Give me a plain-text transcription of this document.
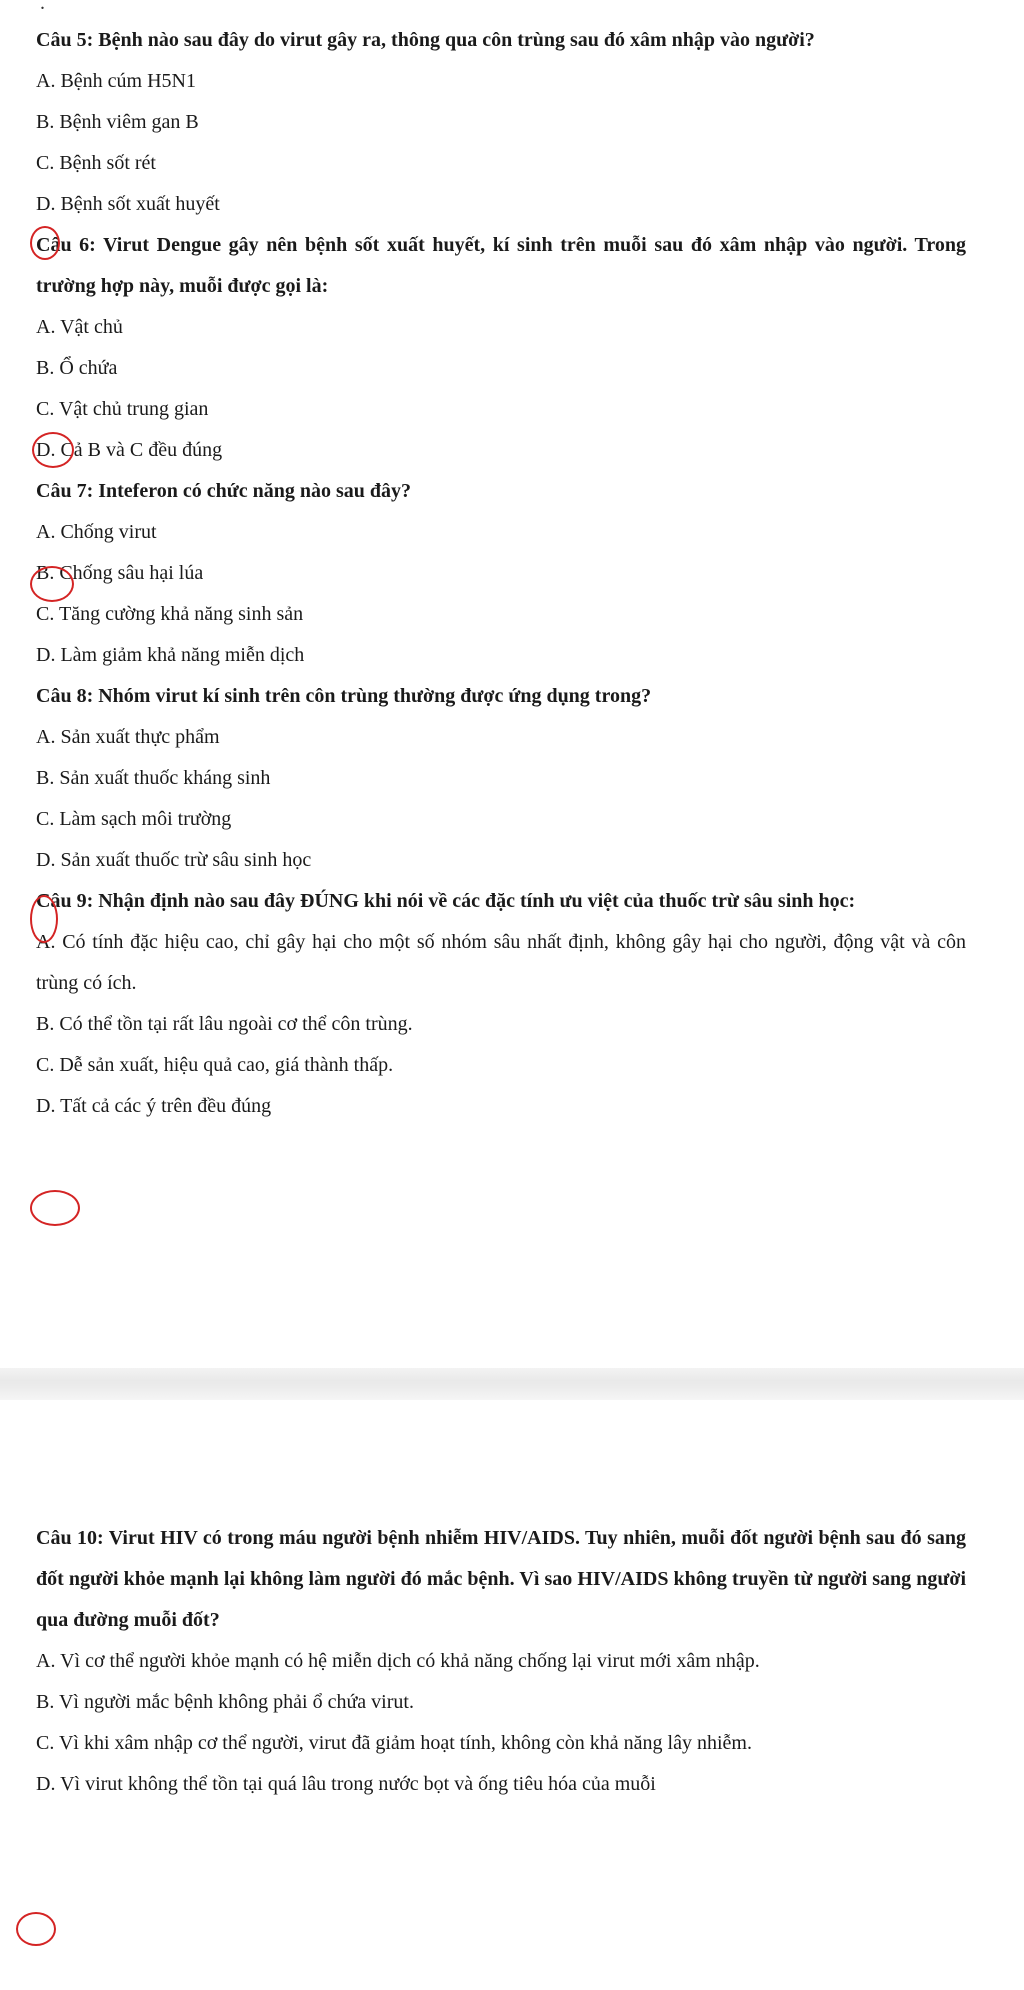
.

Câu 5: Bệnh nào sau đây do virut gây ra, thông qua côn trùng sau đó xâm nhập vào người?

A. Bệnh cúm H5N1

B. Bệnh viêm gan B

C. Bệnh sốt rét

D. Bệnh sốt xuất huyết

Câu 6: Virut Dengue gây nên bệnh sốt xuất huyết, kí sinh trên muỗi sau đó xâm nhập vào người. Trong trường hợp này, muỗi được gọi là:

A. Vật chủ

B. Ổ chứa

C. Vật chủ trung gian

D. Cả B và C đều đúng

Câu 7: Inteferon có chức năng nào sau đây?

A. Chống virut

B. Chống sâu hại lúa

C. Tăng cường khả năng sinh sản

D. Làm giảm khả năng miễn dịch

Câu 8: Nhóm virut kí sinh trên côn trùng thường được ứng dụng trong?

A. Sản xuất thực phẩm

B. Sản xuất thuốc kháng sinh

C. Làm sạch môi trường

D. Sản xuất thuốc trừ sâu sinh học

Câu 9: Nhận định nào sau đây ĐÚNG khi nói về các đặc tính ưu việt của thuốc trừ sâu sinh học:

A. Có tính đặc hiệu cao, chỉ gây hại cho một số nhóm sâu nhất định, không gây hại cho người, động vật và côn trùng có ích.

B. Có thể tồn tại rất lâu ngoài cơ thể côn trùng.

C. Dễ sản xuất, hiệu quả cao, giá thành thấp.

D. Tất cả các ý trên đều đúng

Câu 10: Virut HIV có trong máu người bệnh nhiễm HIV/AIDS. Tuy nhiên, muỗi đốt người bệnh sau đó sang đốt người khỏe mạnh lại không làm người đó mắc bệnh. Vì sao HIV/AIDS không truyền từ người sang người qua đường muỗi đốt?

A. Vì cơ thể người khỏe mạnh có hệ miễn dịch có khả năng chống lại virut mới xâm nhập.

B. Vì người mắc bệnh không phải ổ chứa virut.

C. Vì khi xâm nhập cơ thể người, virut đã giảm hoạt tính, không còn khả năng lây nhiễm.

D. Vì virut không thể tồn tại quá lâu trong nước bọt và ống tiêu hóa của muỗi
